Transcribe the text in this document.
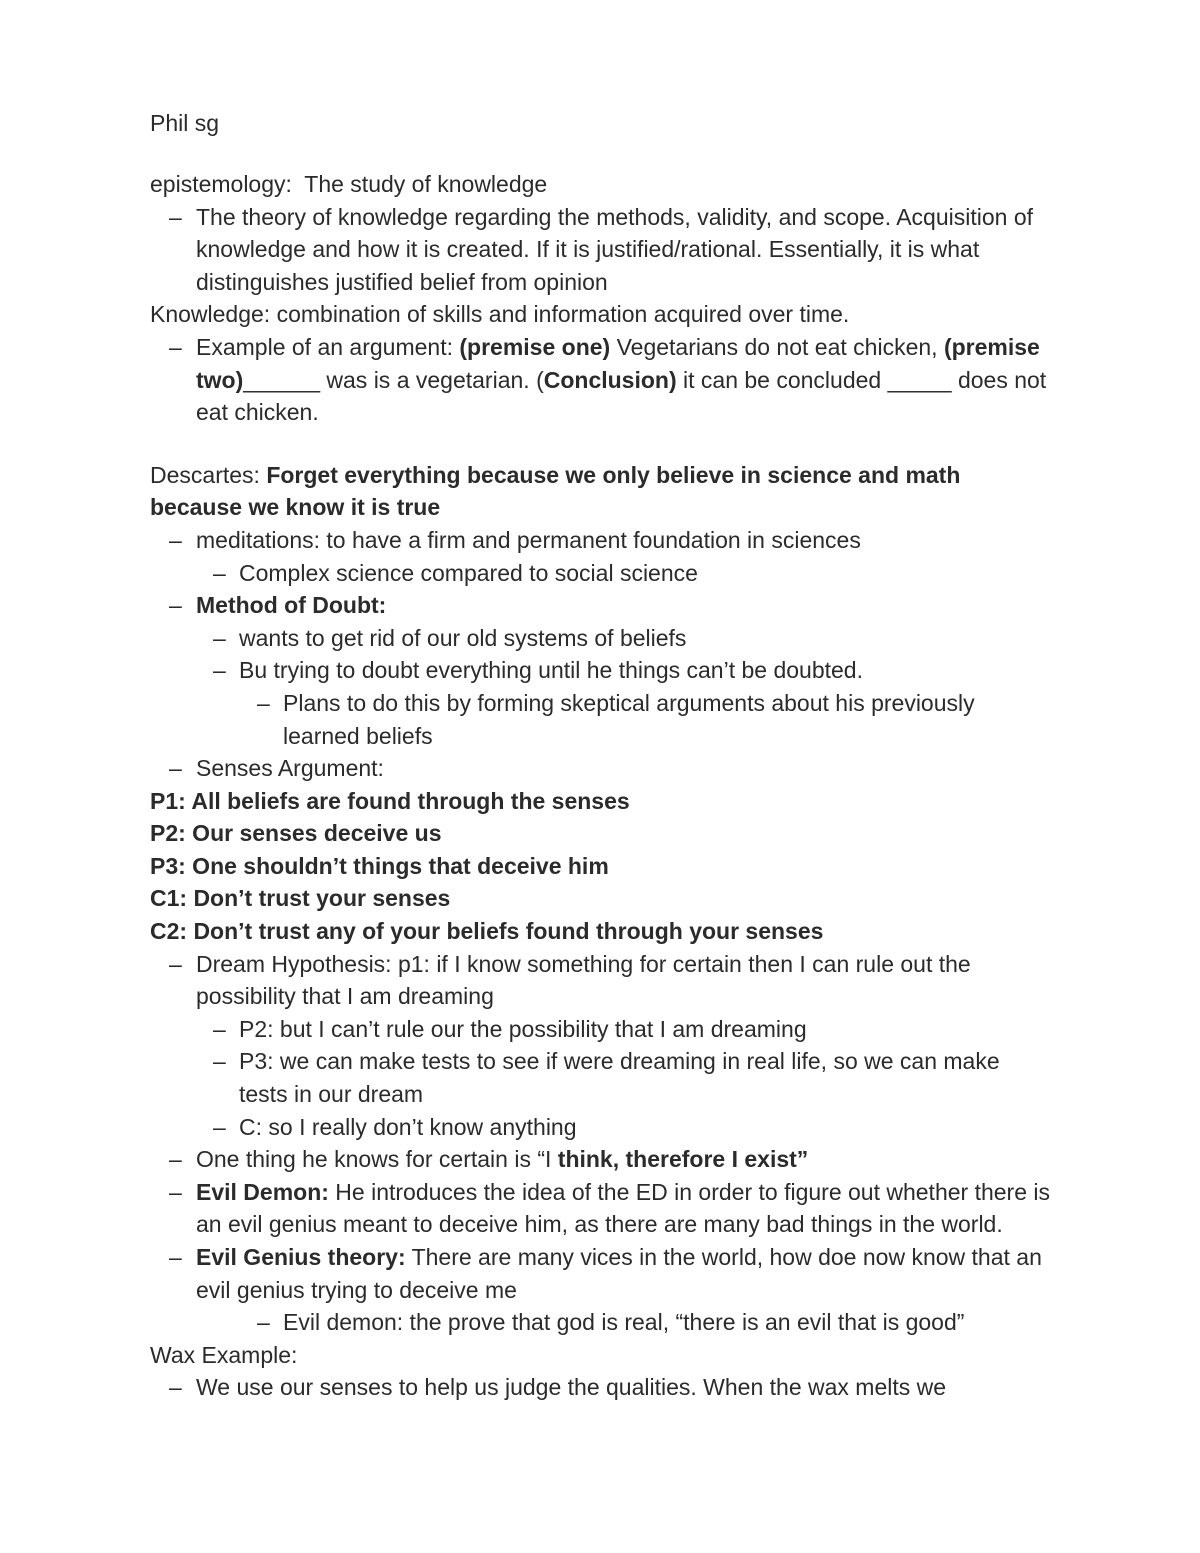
Phil sg

epistemology:  The study of knowledge

– The theory of knowledge regarding the methods, validity, and scope. Acquisition of knowledge and how it is created. If it is justified/rational. Essentially, it is what distinguishes justified belief from opinion

Knowledge: combination of skills and information acquired over time.

– Example of an argument: (premise one) Vegetarians do not eat chicken, (premise two)______ was is a vegetarian. (Conclusion) it can be concluded _____ does not eat chicken.

Descartes: Forget everything because we only believe in science and math because we know it is true

– meditations: to have a firm and permanent foundation in sciences
– Complex science compared to social science
– Method of Doubt:
– wants to get rid of our old systems of beliefs
– Bu trying to doubt everything until he things can’t be doubted.
– Plans to do this by forming skeptical arguments about his previously learned beliefs
– Senses Argument:

P1: All beliefs are found through the senses

P2: Our senses deceive us

P3: One shouldn’t things that deceive him

C1: Don’t trust your senses

C2: Don’t trust any of your beliefs found through your senses

– Dream Hypothesis: p1: if I know something for certain then I can rule out the possibility that I am dreaming
– P2: but I can’t rule our the possibility that I am dreaming
– P3: we can make tests to see if were dreaming in real life, so we can make tests in our dream
– C: so I really don’t know anything
– One thing he knows for certain is “I think, therefore I exist”
– Evil Demon: He introduces the idea of the ED in order to figure out whether there is an evil genius meant to deceive him, as there are many bad things in the world.
– Evil Genius theory: There are many vices in the world, how doe now know that an evil genius trying to deceive me
– Evil demon: the prove that god is real, “there is an evil that is good”

Wax Example:

– We use our senses to help us judge the qualities. When the wax melts we
